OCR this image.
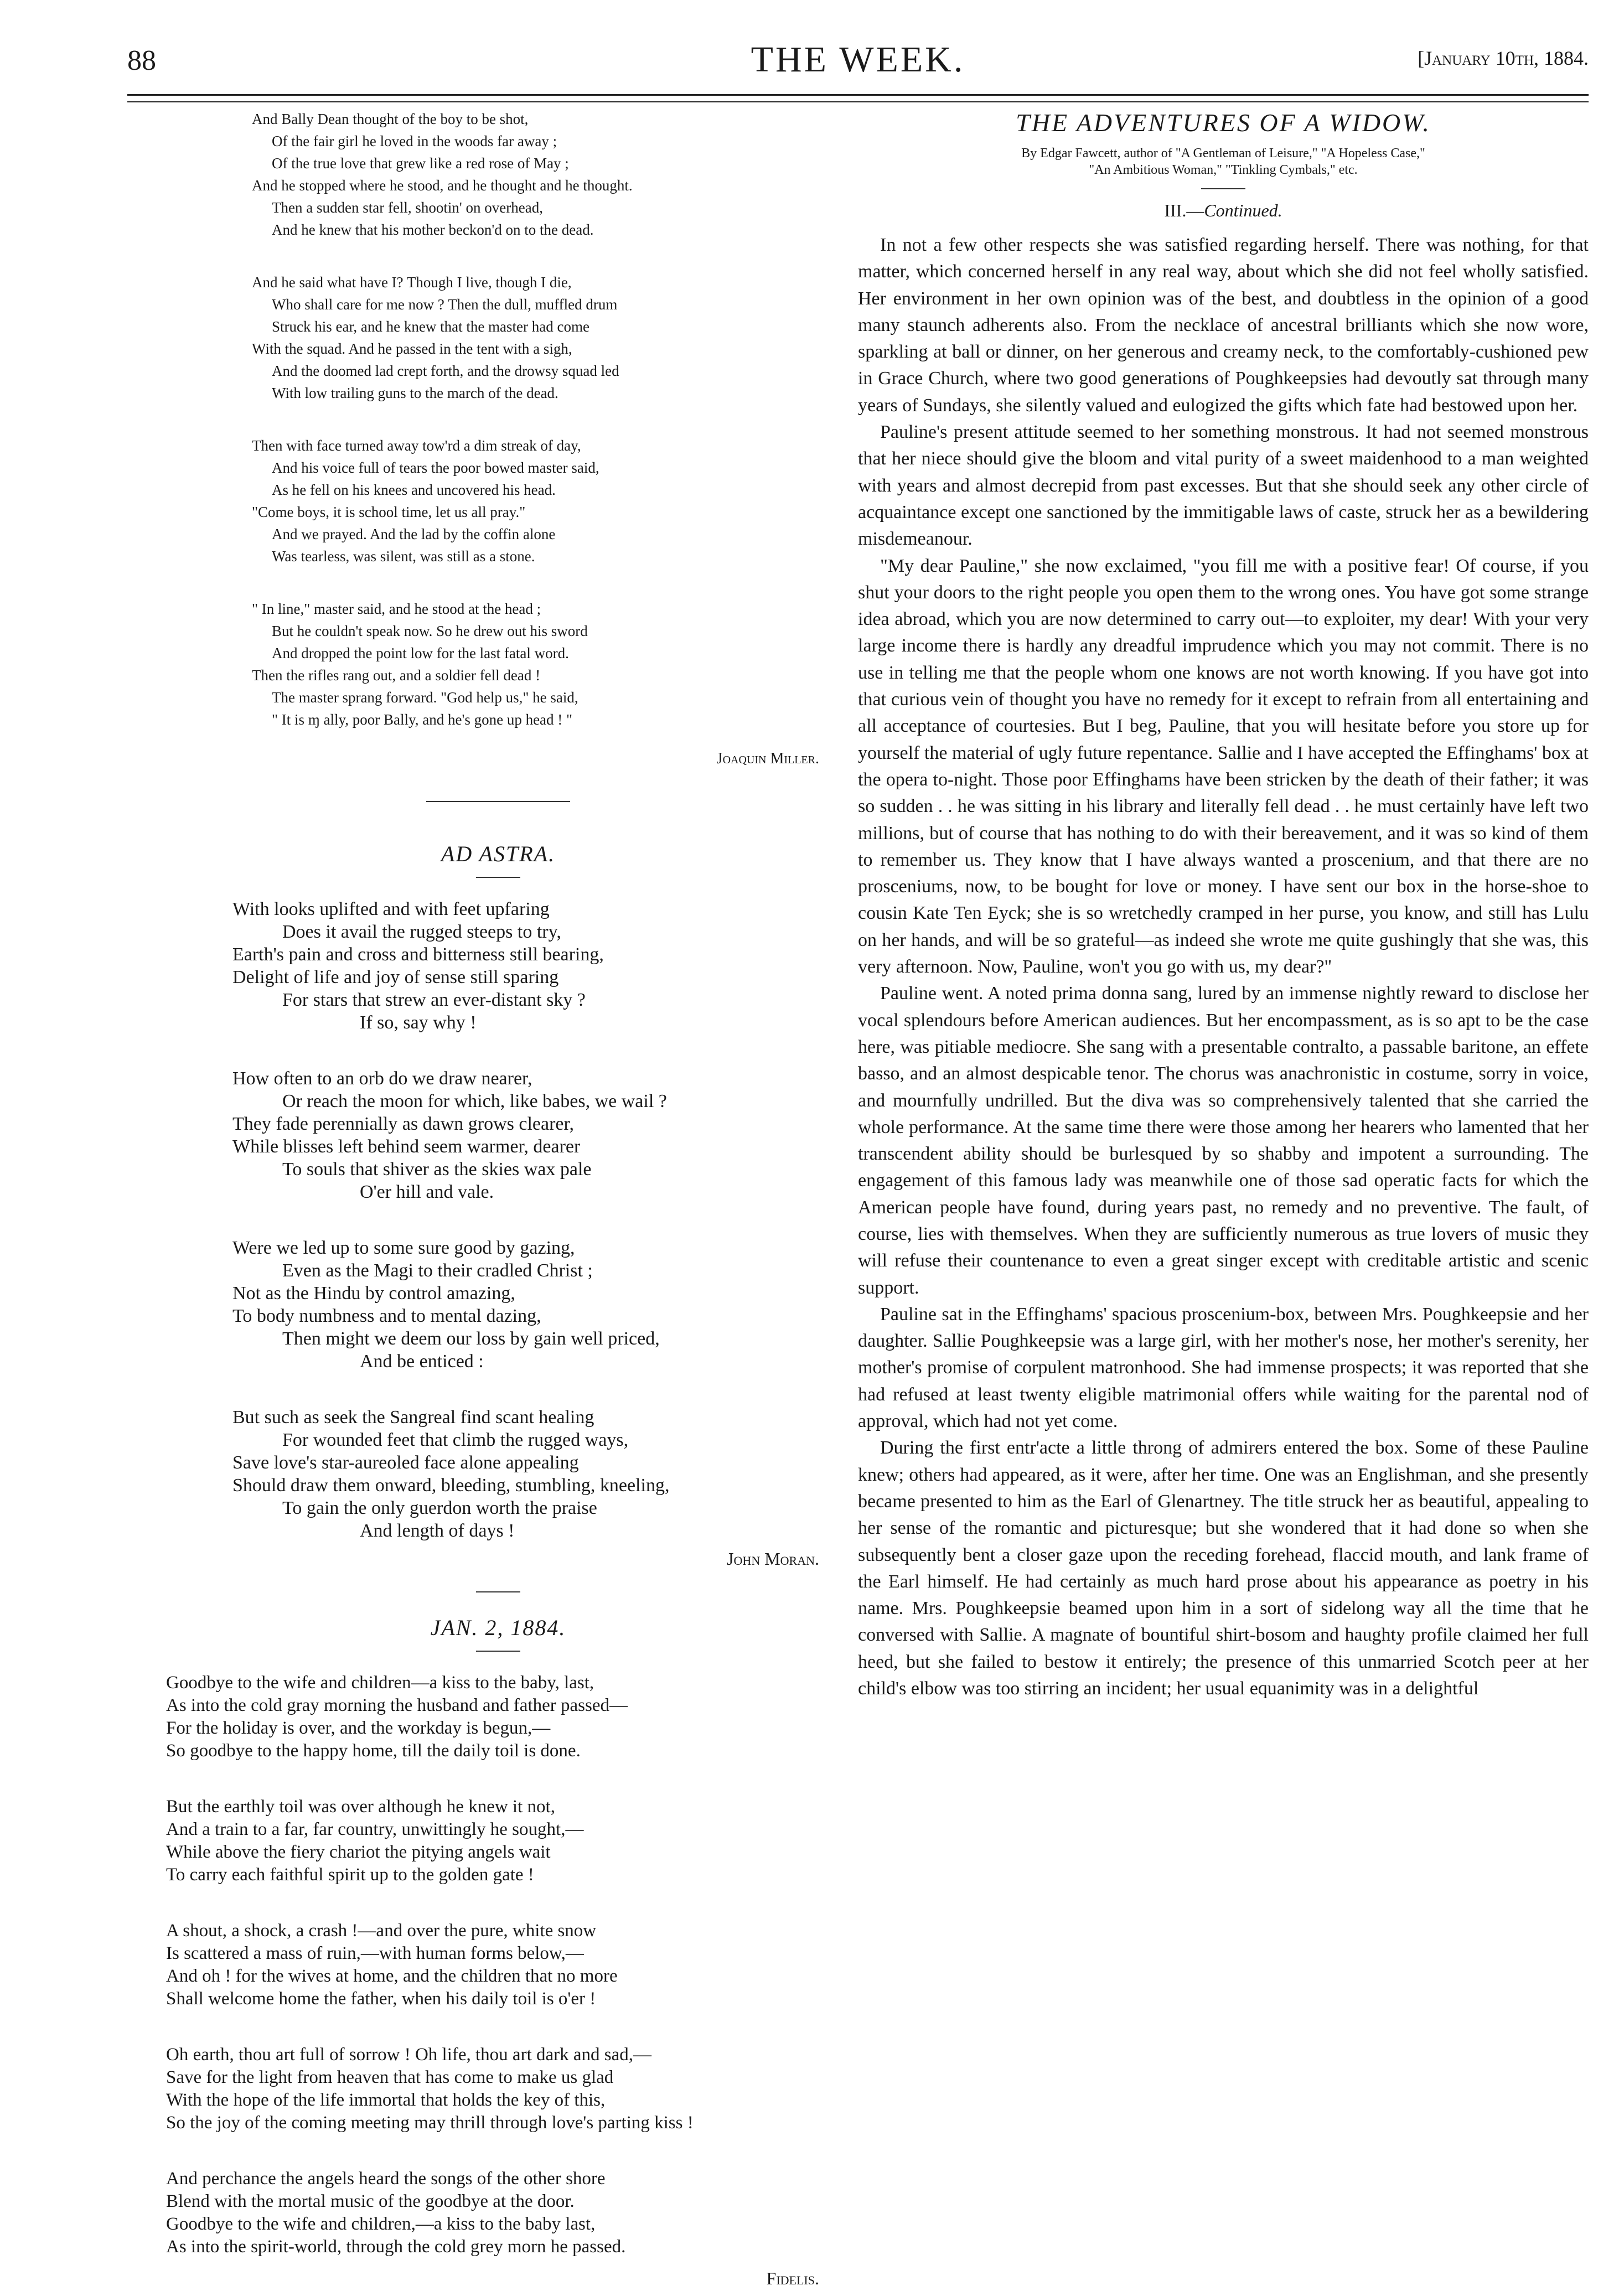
88	THE WEEK.	[January 10th, 1884.
And Bally Dean thought of the boy to be shot,
Of the fair girl he loved in the woods far away ;
Of the true love that grew like a red rose of May ;
And he stopped where he stood, and he thought and he thought.
Then a sudden star fell, shootin' on overhead,
And he knew that his mother beckon'd on to the dead.
And he said what have I? Though I live, though I die,
Who shall care for me now ? Then the dull, muffled drum
Struck his ear, and he knew that the master had come
With the squad. And he passed in the tent with a sigh,
And the doomed lad crept forth, and the drowsy squad led
With low trailing guns to the march of the dead.
Then with face turned away tow'rd a dim streak of day,
And his voice full of tears the poor bowed master said,
As he fell on his knees and uncovered his head.
"Come boys, it is school time, let us all pray."
And we prayed. And the lad by the coffin alone
Was tearless, was silent, was still as a stone.
" In line," master said, and he stood at the head ;
But he couldn't speak now. So he drew out his sword
And dropped the point low for the last fatal word.
Then the rifles rang out, and a soldier fell dead !
The master sprang forward. "God help us," he said,
" It is ɱ ally, poor Bally, and he's gone up head ! "
Joaquin Miller.
AD ASTRA.
With looks uplifted and with feet upfaring
Does it avail the rugged steeps to try,
Earth's pain and cross and bitterness still bearing,
Delight of life and joy of sense still sparing
For stars that strew an ever-distant sky ?
If so, say why !
How often to an orb do we draw nearer,
Or reach the moon for which, like babes, we wail ?
They fade perennially as dawn grows clearer,
While blisses left behind seem warmer, dearer
To souls that shiver as the skies wax pale
O'er hill and vale.
Were we led up to some sure good by gazing,
Even as the Magi to their cradled Christ ;
Not as the Hindu by control amazing,
To body numbness and to mental dazing,
Then might we deem our loss by gain well priced,
And be enticed :
But such as seek the Sangreal find scant healing
For wounded feet that climb the rugged ways,
Save love's star-aureoled face alone appealing
Should draw them onward, bleeding, stumbling, kneeling,
To gain the only guerdon worth the praise
And length of days !
John Moran.
JAN. 2, 1884.
Goodbye to the wife and children—a kiss to the baby, last,
As into the cold gray morning the husband and father passed—
For the holiday is over, and the workday is begun,—
So goodbye to the happy home, till the daily toil is done.
But the earthly toil was over although he knew it not,
And a train to a far, far country, unwittingly he sought,—
While above the fiery chariot the pitying angels wait
To carry each faithful spirit up to the golden gate !
A shout, a shock, a crash !—and over the pure, white snow
Is scattered a mass of ruin,—with human forms below,—
And oh ! for the wives at home, and the children that no more
Shall welcome home the father, when his daily toil is o'er !
Oh earth, thou art full of sorrow ! Oh life, thou art dark and sad,—
Save for the light from heaven that has come to make us glad
With the hope of the life immortal that holds the key of this,
So the joy of the coming meeting may thrill through love's parting kiss !
And perchance the angels heard the songs of the other shore
Blend with the mortal music of the goodbye at the door.
Goodbye to the wife and children,—a kiss to the baby last,
As into the spirit-world, through the cold grey morn he passed.
Fidelis.
THE ADVENTURES OF A WIDOW.
By Edgar Fawcett, author of "A Gentleman of Leisure," "A Hopeless Case,"
"An Ambitious Woman," "Tinkling Cymbals," etc.
III.—Continued.

In not a few other respects she was satisfied regarding herself. There was nothing, for that matter, which concerned herself in any real way, about which she did not feel wholly satisfied. Her environment in her own opinion was of the best, and doubtless in the opinion of a good many staunch adherents also. From the necklace of ancestral brilliants which she now wore, sparkling at ball or dinner, on her generous and creamy neck, to the comfortably-cushioned pew in Grace Church, where two good generations of Poughkeepsies had devoutly sat through many years of Sundays, she silently valued and eulogized the gifts which fate had bestowed upon her.

Pauline's present attitude seemed to her something monstrous. It had not seemed monstrous that her niece should give the bloom and vital purity of a sweet maidenhood to a man weighted with years and almost decrepid from past excesses. But that she should seek any other circle of acquaintance except one sanctioned by the immitigable laws of caste, struck her as a bewildering misdemeanour.

"My dear Pauline," she now exclaimed, "you fill me with a positive fear! Of course, if you shut your doors to the right people you open them to the wrong ones. You have got some strange idea abroad, which you are now determined to carry out—to exploiter, my dear! With your very large income there is hardly any dreadful imprudence which you may not commit. There is no use in telling me that the people whom one knows are not worth knowing. If you have got into that curious vein of thought you have no remedy for it except to refrain from all entertaining and all acceptance of courtesies. But I beg, Pauline, that you will hesitate before you store up for yourself the material of ugly future repentance. Sallie and I have accepted the Effinghams' box at the opera to-night. Those poor Effinghams have been stricken by the death of their father; it was so sudden . . he was sitting in his library and literally fell dead . . he must certainly have left two millions, but of course that has nothing to do with their bereavement, and it was so kind of them to remember us. They know that I have always wanted a proscenium, and that there are no prosceniums, now, to be bought for love or money. I have sent our box in the horse-shoe to cousin Kate Ten Eyck; she is so wretchedly cramped in her purse, you know, and still has Lulu on her hands, and will be so grateful—as indeed she wrote me quite gushingly that she was, this very afternoon. Now, Pauline, won't you go with us, my dear?"

Pauline went. A noted prima donna sang, lured by an immense nightly reward to disclose her vocal splendours before American audiences. But her encompassment, as is so apt to be the case here, was pitiable mediocre. She sang with a presentable contralto, a passable baritone, an effete basso, and an almost despicable tenor. The chorus was anachronistic in costume, sorry in voice, and mournfully undrilled. But the diva was so comprehensively talented that she carried the whole performance. At the same time there were those among her hearers who lamented that her transcendent ability should be burlesqued by so shabby and impotent a surrounding. The engagement of this famous lady was meanwhile one of those sad operatic facts for which the American people have found, during years past, no remedy and no preventive. The fault, of course, lies with themselves. When they are sufficiently numerous as true lovers of music they will refuse their countenance to even a great singer except with creditable artistic and scenic support.

Pauline sat in the Effinghams' spacious proscenium-box, between Mrs. Poughkeepsie and her daughter. Sallie Poughkeepsie was a large girl, with her mother's nose, her mother's serenity, her mother's promise of corpulent matronhood. She had immense prospects; it was reported that she had refused at least twenty eligible matrimonial offers while waiting for the parental nod of approval, which had not yet come.

During the first entr'acte a little throng of admirers entered the box. Some of these Pauline knew; others had appeared, as it were, after her time. One was an Englishman, and she presently became presented to him as the Earl of Glenartney. The title struck her as beautiful, appealing to her sense of the romantic and picturesque; but she wondered that it had done so when she subsequently bent a closer gaze upon the receding forehead, flaccid mouth, and lank frame of the Earl himself. He had certainly as much hard prose about his appearance as poetry in his name. Mrs. Poughkeepsie beamed upon him in a sort of sidelong way all the time that he conversed with Sallie. A magnate of bountiful shirt-bosom and haughty profile claimed her full heed, but she failed to bestow it entirely; the presence of this unmarried Scotch peer at her child's elbow was too stirring an incident; her usual equanimity was in a delightful
